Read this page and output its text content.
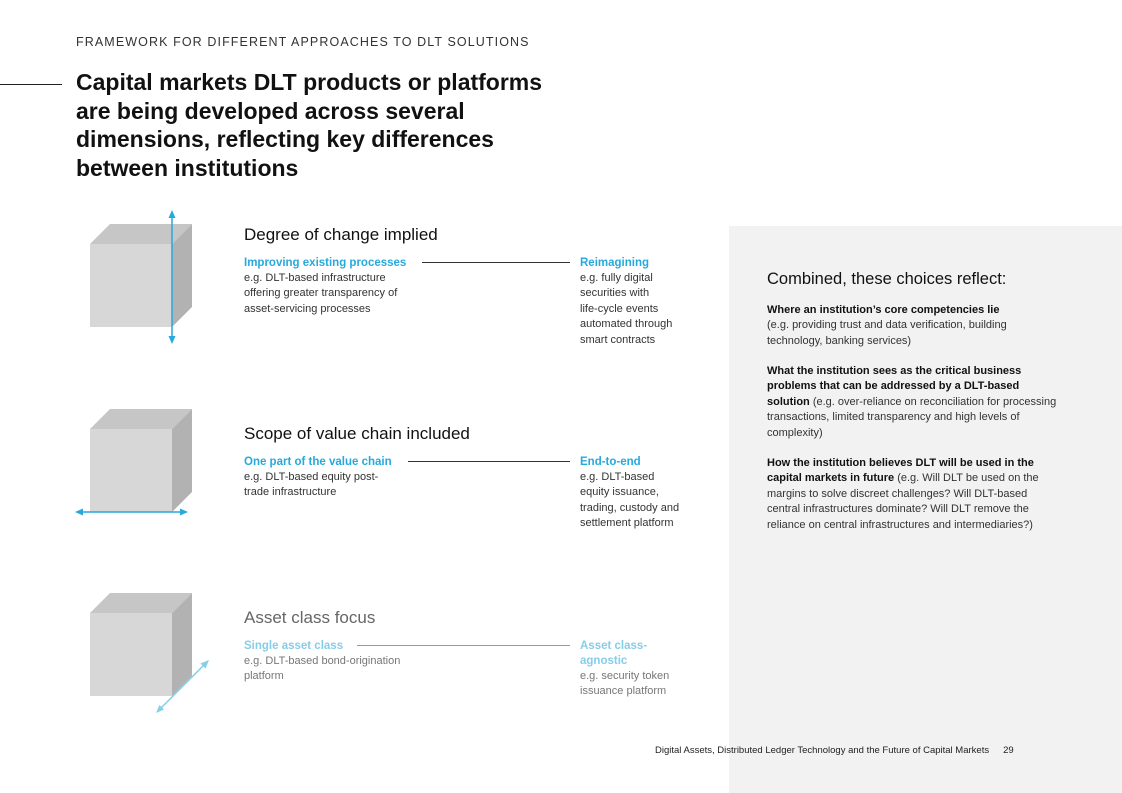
FRAMEWORK FOR DIFFERENT APPROACHES TO DLT SOLUTIONS
Capital markets DLT products or platforms are being developed across several dimensions, reflecting key differences between institutions
Degree of change implied
Improving existing processes
e.g. DLT-based infrastructure
offering greater transparency of
asset-servicing processes
Reimagining
e.g. fully digital
securities with
life-cycle events
automated through
smart contracts
Scope of value chain included
One part of the value chain
e.g. DLT-based equity post-
trade infrastructure
End-to-end
e.g. DLT-based
equity issuance,
trading, custody and
settlement platform
Asset class focus
Single asset class
e.g. DLT-based bond-origination
platform
Asset class-
agnostic
e.g. security token
issuance platform
Combined, these choices reflect:
Where an institution’s core competencies lie
(e.g. providing trust and data verification, building technology, banking services)
What the institution sees as the critical business problems that can be addressed by a DLT-based solution (e.g. over-reliance on reconciliation for processing transactions, limited transparency and high levels of complexity)
How the institution believes DLT will be used in the capital markets in future (e.g. Will DLT be used on the margins to solve discreet challenges? Will DLT-based central infrastructures dominate? Will DLT remove the reliance on central infrastructures and intermediaries?)
Digital Assets, Distributed Ledger Technology and the Future of Capital Markets 29
